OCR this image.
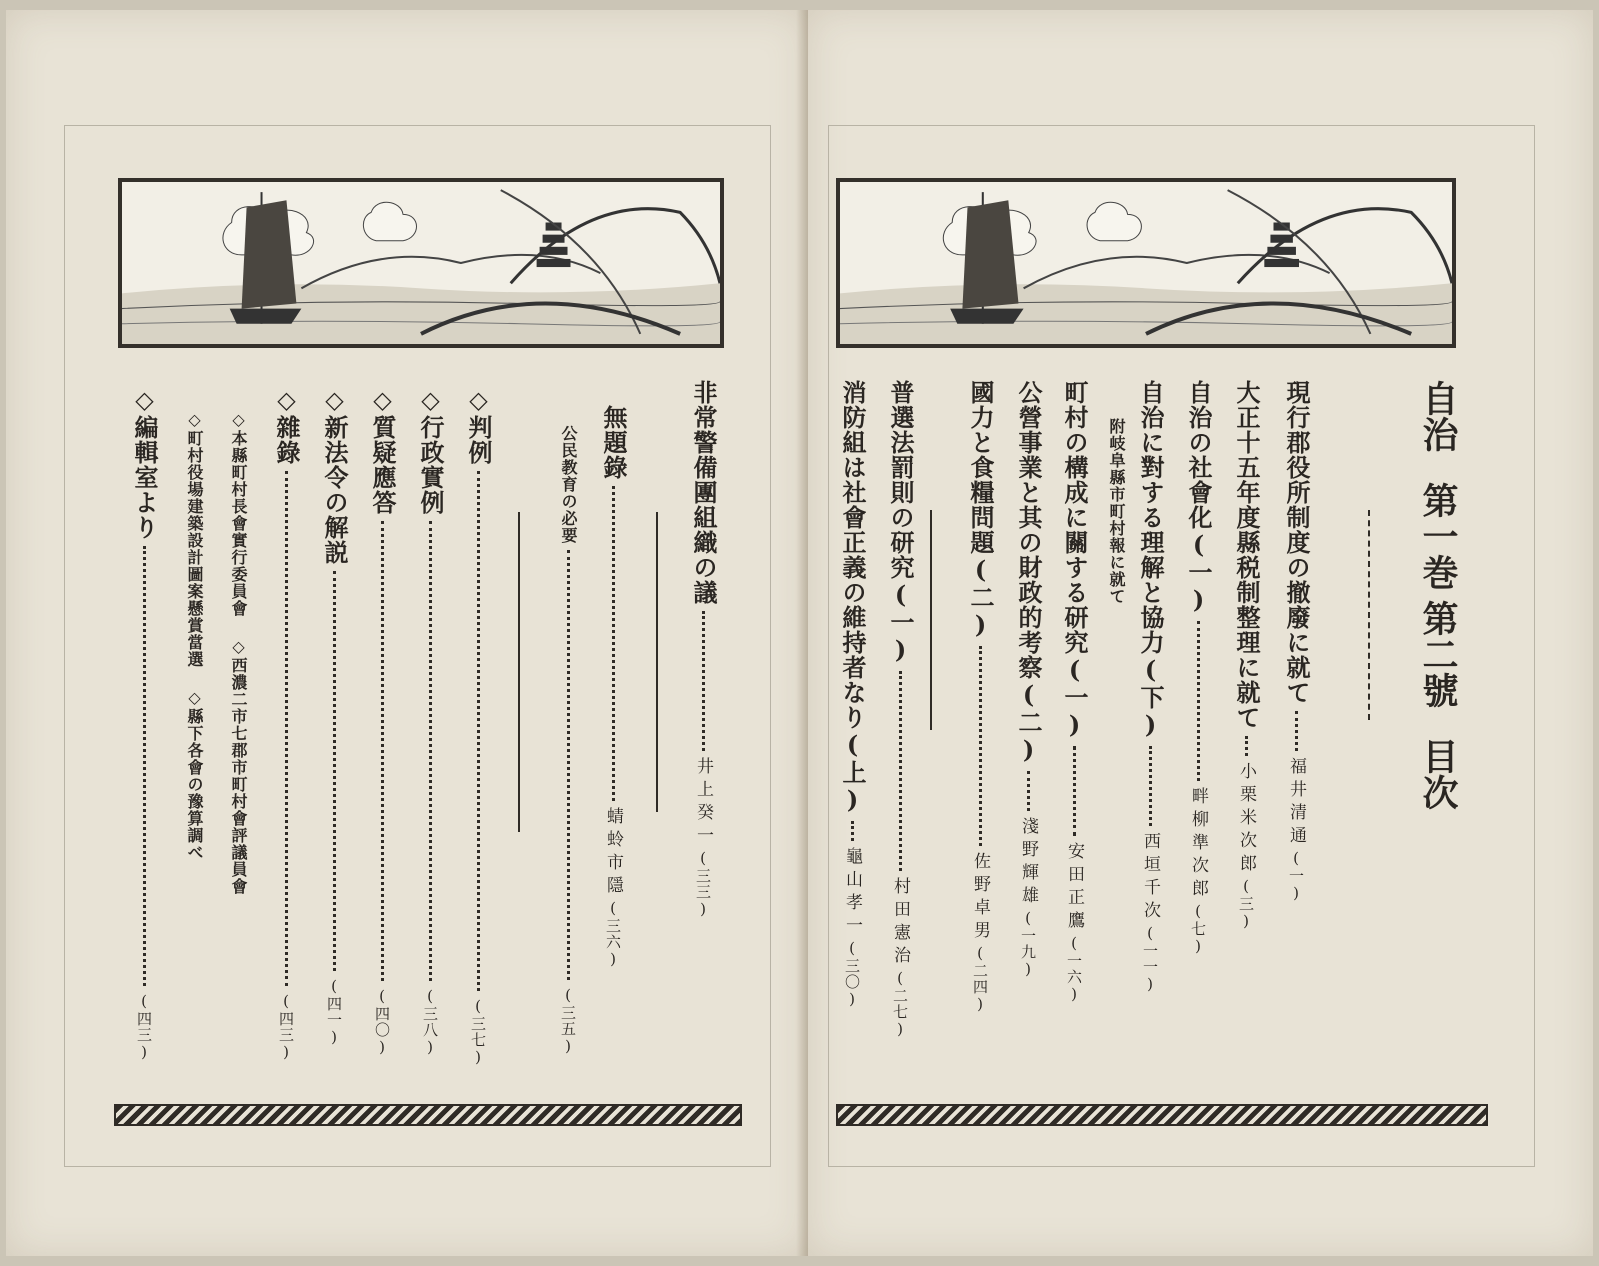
非常警備團組織の議井上癸一(三三)
無題錄蜻蛉市隱(三六)
公民教育の必要(三五)
◇判例(三七)
◇行政實例(三八)
◇質疑應答(四〇)
◇新法令の解説(四一)
◇雜錄(四三)
◇本縣町村長會實行委員會 ◇西濃二市七郡市町村會評議員會
◇町村役場建築設計圖案懸賞當選 ◇縣下各會の豫算調べ
◇編輯室より(四三)
自治第一巻第二號目次
現行郡役所制度の撤廢に就て福井清通(一)
大正十五年度縣税制整理に就て小栗米次郎(三)
自治の社會化(一)畔柳準次郎(七)
自治に對する理解と協力(下)西垣千次(一一)
附岐阜縣市町村報に就て
町村の構成に關する研究(一)安田正鷹(一六)
公營事業と其の財政的考察(二)淺野輝雄(一九)
國力と食糧問題(二)佐野卓男(二四)
普選法罰則の研究(一)村田憲治(二七)
消防組は社會正義の維持者なり(上)龜山孝一(三〇)
